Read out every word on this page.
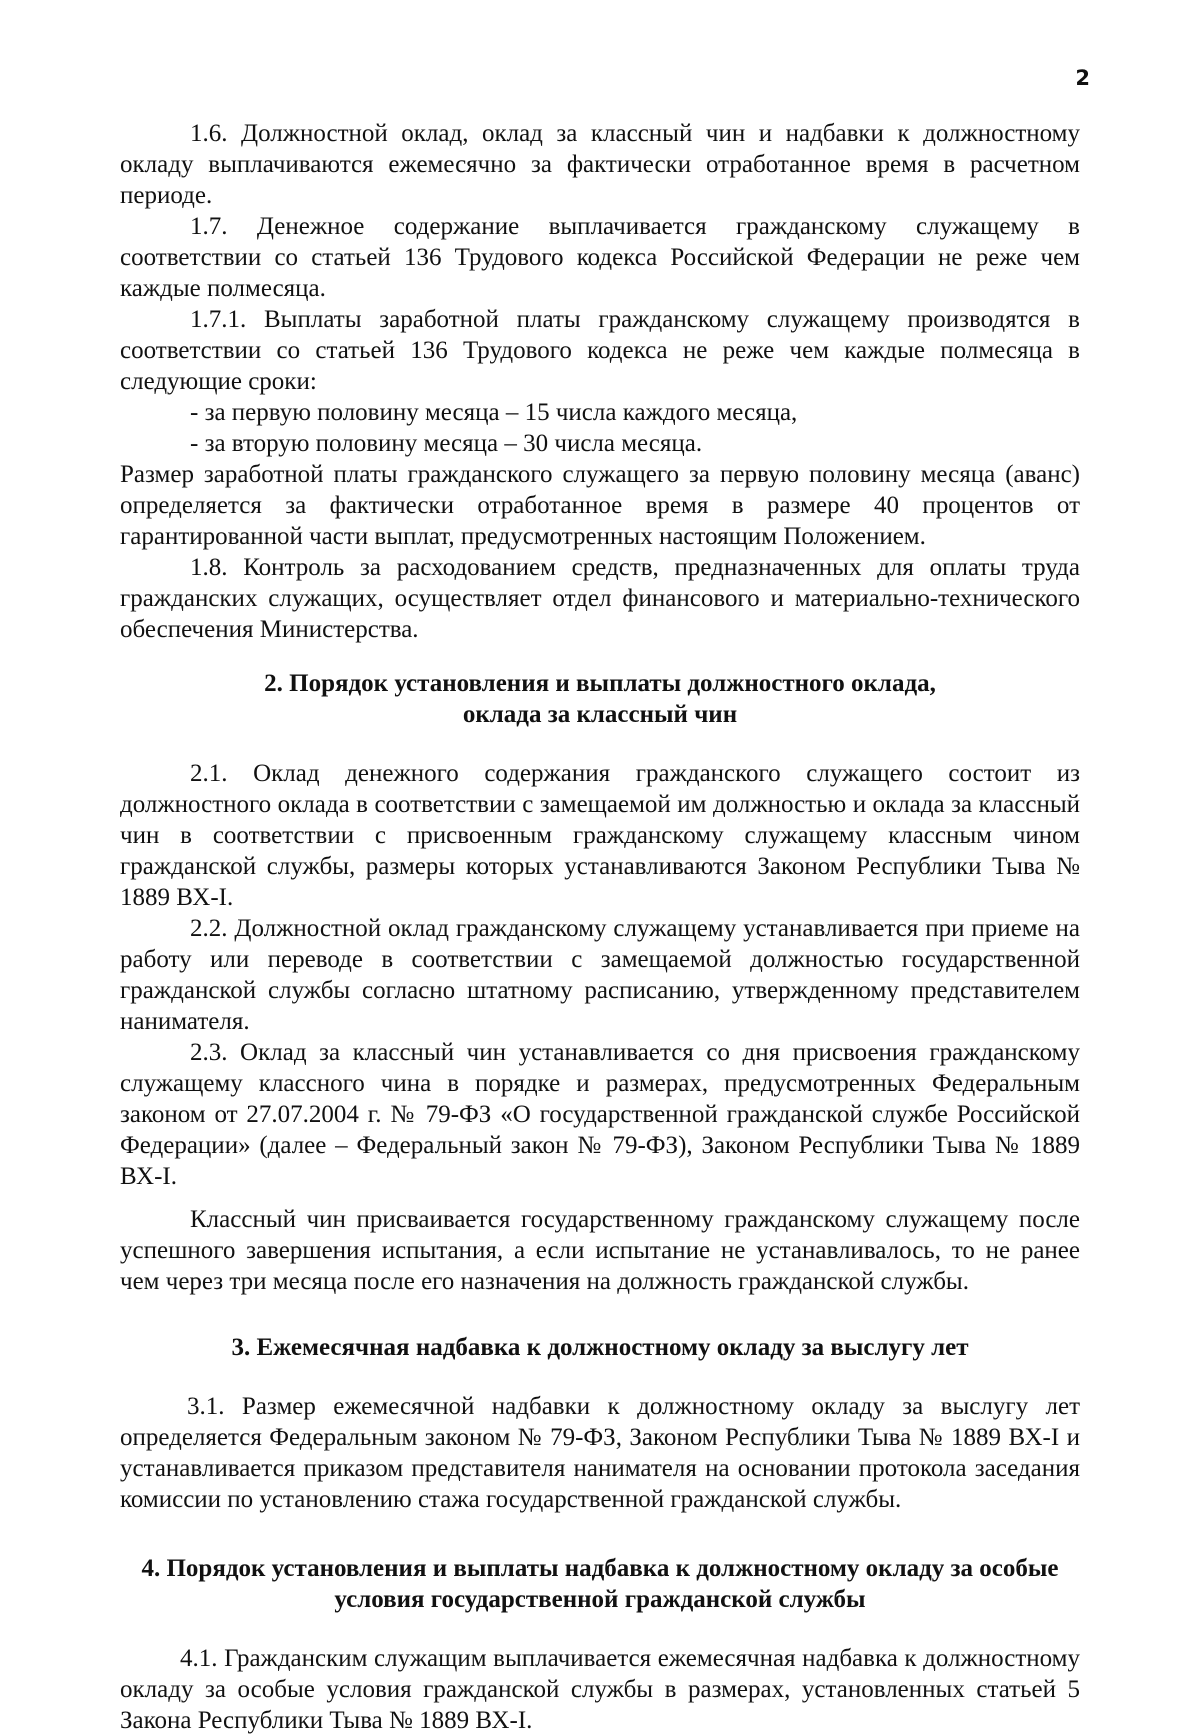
2

1.6. Должностной оклад, оклад за классный чин и надбавки к должностному окладу выплачиваются ежемесячно за фактически отработанное время в расчетном периоде.

1.7. Денежное содержание выплачивается гражданскому служащему в соответствии со статьей 136 Трудового кодекса Российской Федерации не реже чем каждые полмесяца.

1.7.1. Выплаты заработной платы гражданскому служащему производятся в соответствии со статьей 136 Трудового кодекса не реже чем каждые полмесяца в следующие сроки:

- за первую половину месяца – 15 числа каждого месяца,

- за вторую половину месяца – 30 числа месяца.

Размер заработной платы гражданского служащего за первую половину месяца (аванс) определяется за фактически отработанное время в размере 40 процентов от гарантированной части выплат, предусмотренных настоящим Положением.

1.8. Контроль за расходованием средств, предназначенных для оплаты труда гражданских служащих, осуществляет отдел финансового и материально-технического обеспечения Министерства.

2. Порядок установления и выплаты должностного оклада,
оклада за классный чин

2.1. Оклад денежного содержания гражданского служащего состоит из должностного оклада в соответствии с замещаемой им должностью и оклада за классный чин в соответствии с присвоенным гражданскому служащему классным чином гражданской службы, размеры которых устанавливаются Законом Республики Тыва № 1889 ВХ-I.

2.2. Должностной оклад гражданскому служащему устанавливается при приеме на работу или переводе в соответствии с замещаемой должностью государственной гражданской службы согласно штатному расписанию, утвержденному представителем нанимателя.

2.3. Оклад за классный чин устанавливается со дня присвоения гражданскому служащему классного чина в порядке и размерах, предусмотренных Федеральным законом от 27.07.2004 г. № 79-ФЗ «О государственной гражданской службе Российской Федерации» (далее – Федеральный закон № 79-ФЗ), Законом Республики Тыва № 1889 ВХ-I.

Классный чин присваивается государственному гражданскому служащему после успешного завершения испытания, а если испытание не устанавливалось, то не ранее чем через три месяца после его назначения на должность гражданской службы.

3. Ежемесячная надбавка к должностному окладу за выслугу лет

3.1. Размер ежемесячной надбавки к должностному окладу за выслугу лет определяется Федеральным законом № 79-ФЗ, Законом Республики Тыва № 1889 ВХ-I и устанавливается приказом представителя нанимателя на основании протокола заседания комиссии по установлению стажа государственной гражданской службы.

4. Порядок установления и выплаты надбавка к должностному окладу за особые
условия государственной гражданской службы

4.1. Гражданским служащим выплачивается ежемесячная надбавка к должностному окладу за особые условия гражданской службы в размерах, установленных статьей 5 Закона Республики Тыва № 1889 ВХ-I.
